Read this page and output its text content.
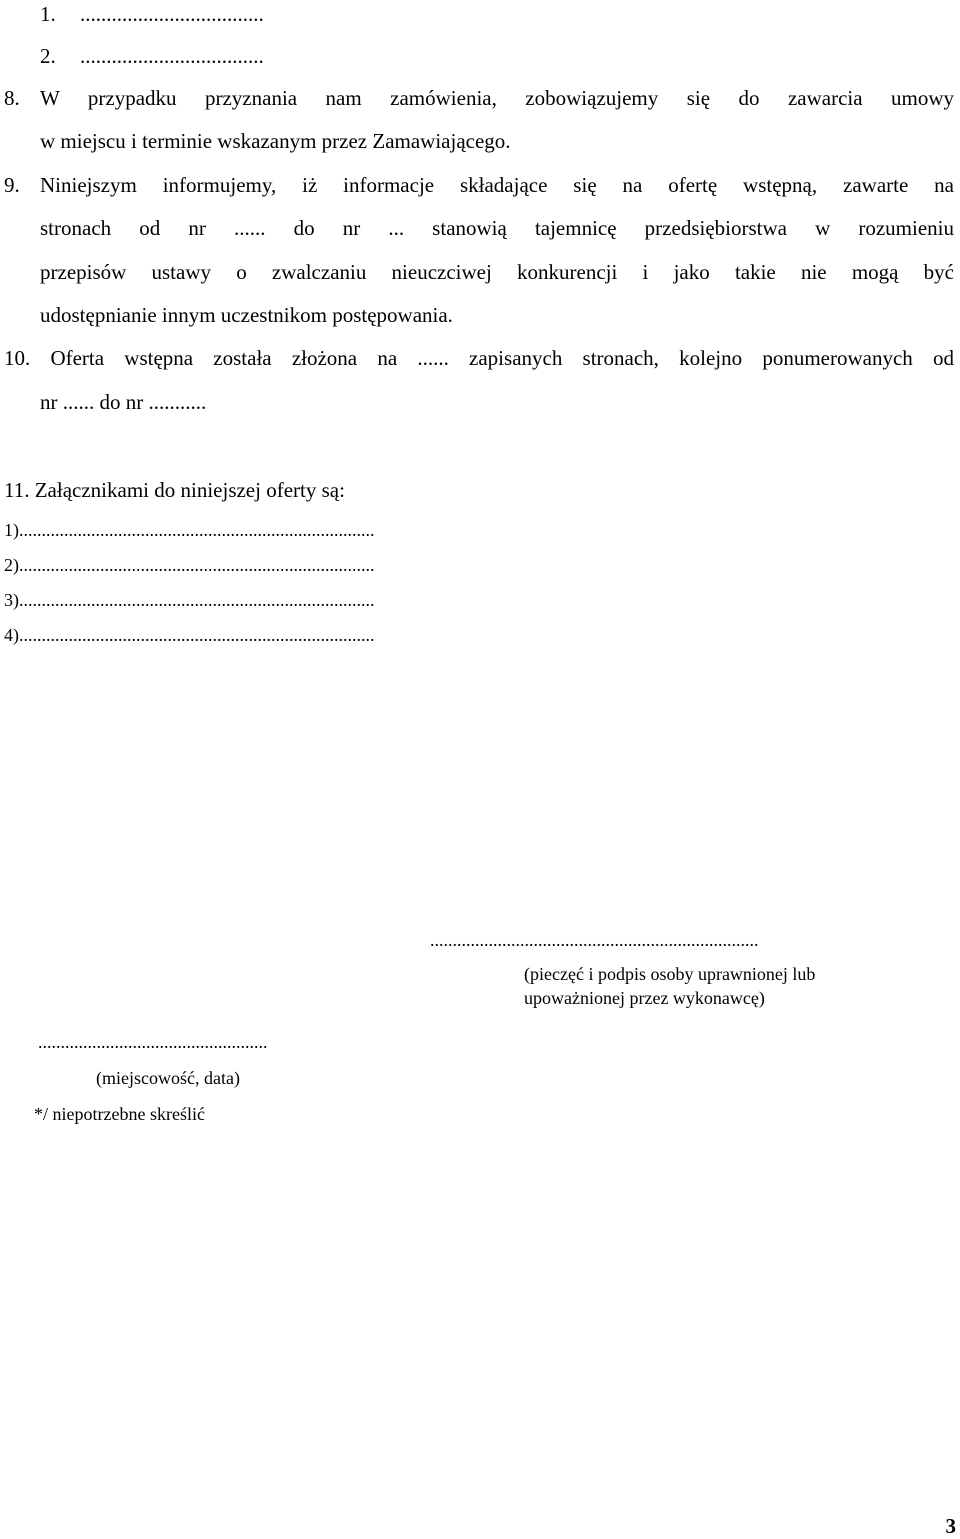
1. ...................................
2. ...................................
8. W przypadku przyznania nam zamówienia, zobowiązujemy się do zawarcia umowy
w miejscu i terminie wskazanym przez Zamawiającego.
9. Niniejszym informujemy, iż informacje składające się na ofertę wstępną, zawarte na
stronach od nr ...... do nr ... stanowią tajemnicę przedsiębiorstwa w rozumieniu
przepisów ustawy o zwalczaniu nieuczciwej konkurencji i jako takie nie mogą być
udostępnianie innym uczestnikom postępowania.
10. Oferta wstępna została złożona na ...... zapisanych stronach, kolejno ponumerowanych od
nr ...... do nr ...........
11. Załącznikami do niniejszej oferty są:
1)...............................................................................
2)...............................................................................
3)...............................................................................
4)...............................................................................
.........................................................................
(pieczęć i podpis osoby uprawnionej lub
upoważnionej przez wykonawcę)
...................................................
(miejscowość, data)
*/ niepotrzebne skreślić
3
